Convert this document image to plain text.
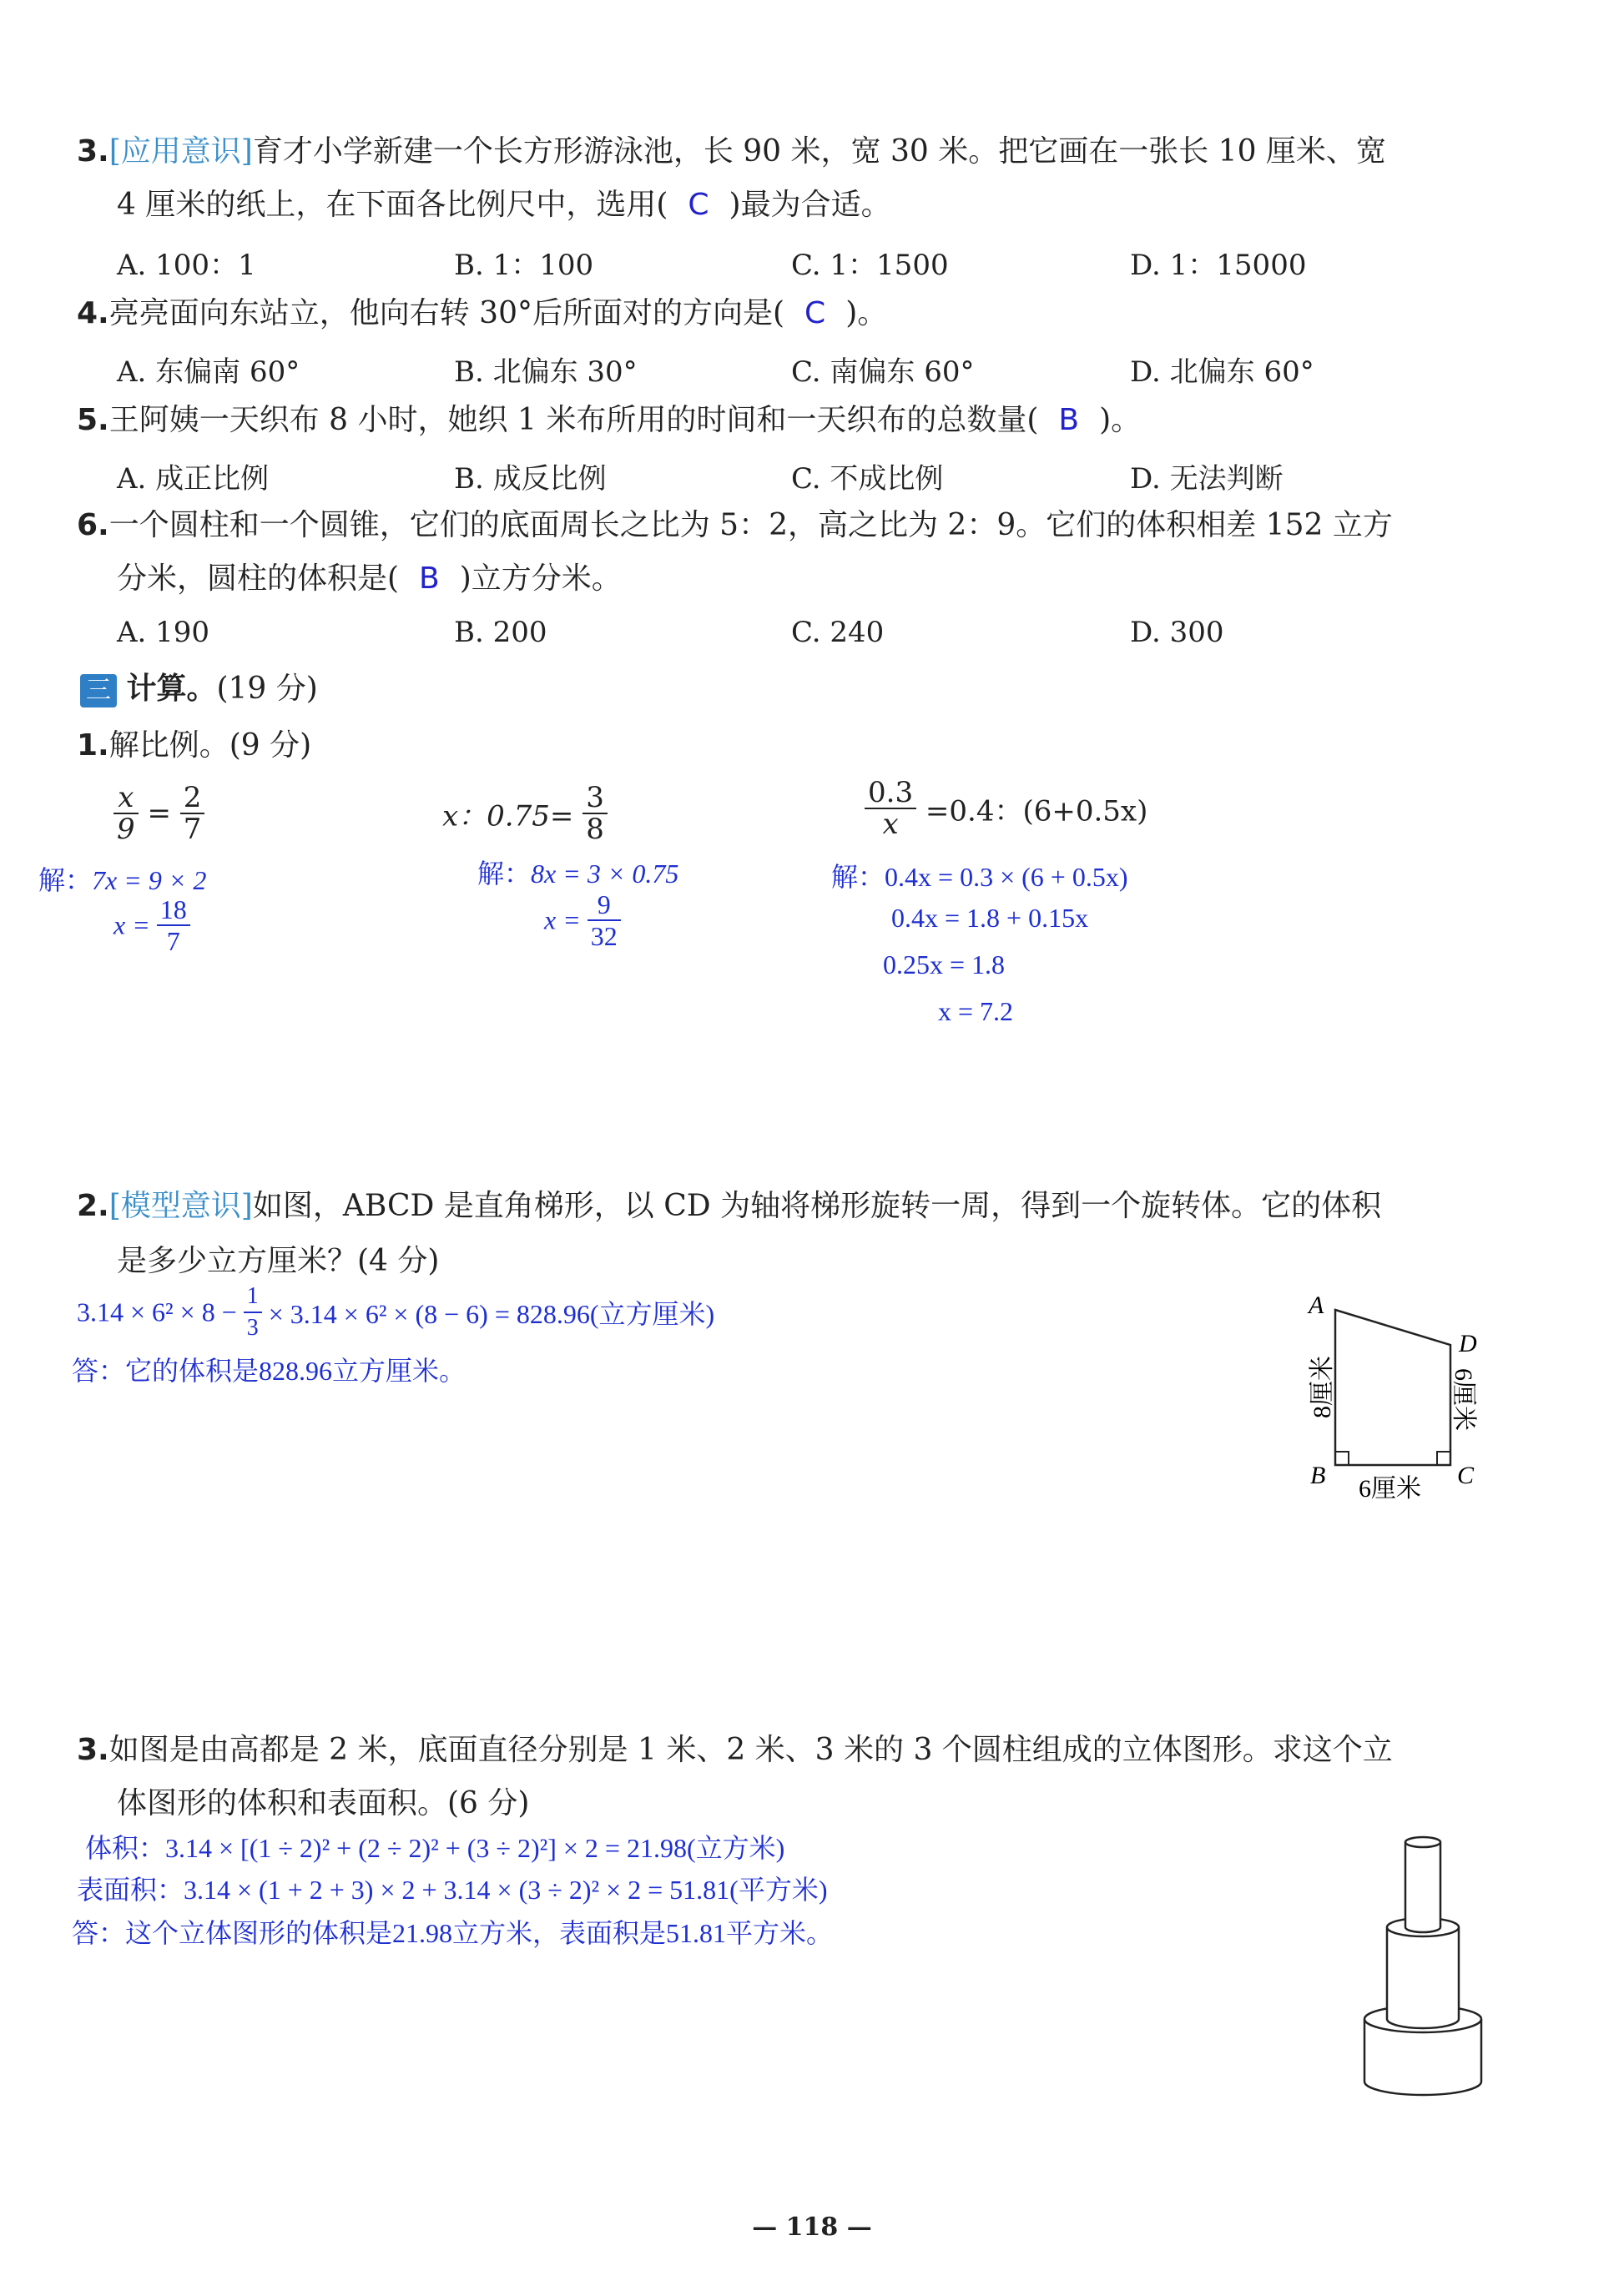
3.[应用意识]育才小学新建一个长方形游泳池，长 90 米，宽 30 米。把它画在一张长 10 厘米、宽
4 厘米的纸上，在下面各比例尺中，选用( C )最为合适。
A. 100：1	B. 1：100	C. 1：1500	D. 1：15000
4.亮亮面向东站立，他向右转 30°后所面对的方向是( C )。
A. 东偏南 60°	B. 北偏东 30°	C. 南偏东 60°	D. 北偏东 60°
5.王阿姨一天织布 8 小时，她织 1 米布所用的时间和一天织布的总数量( B )。
A. 成正比例	B. 成反比例	C. 不成比例	D. 无法判断
6.一个圆柱和一个圆锥，它们的底面周长之比为 5：2，高之比为 2：9。它们的体积相差 152 立方
分米，圆柱的体积是( B )立方分米。
A. 190	B. 200	C. 240	D. 300
三 计算。(19 分)
1.解比例。(9 分)
$\frac{x}{9} = \frac{2}{7}$
解：7x = 9 × 2
$x = \frac{18}{7}$
x：$0.75= \frac{3}{8}$
解：8x = 3 × 0.75
$x = \frac{9}{32}$
$\frac{0.3}{x} =0.4$：(6+0.5x)
解：0.4x = 0.3 × (6 + 0.5x)
0.4x = 1.8 + 0.15x
0.25x = 1.8
x = 7.2
2.[模型意识]如图，ABCD 是直角梯形，以 CD 为轴将梯形旋转一周，得到一个旋转体。它的体积
是多少立方厘米？(4 分)
$3.14 \times 6^2 \times 8 - \frac{1}{3} \times 3.14 \times 6^2 \times (8 - 6) = 828.96$(立方厘米)
答：它的体积是828.96立方厘米。
A
B	C
D
8厘米	6厘米
6厘米
3.如图是由高都是 2 米，底面直径分别是 1 米、2 米、3 米的 3 个圆柱组成的立体图形。求这个立
体图形的体积和表面积。(6 分)
体积：3.14 × [(1 ÷ 2)² + (2 ÷ 2)² + (3 ÷ 2)²] × 2 = 21.98(立方米)
表面积：3.14 × (1 + 2 + 3) × 2 + 3.14 × (3 ÷ 2)² × 2 = 51.81(平方米)
答：这个立体图形的体积是21.98立方米，表面积是51.81平方米。
— 118 —
